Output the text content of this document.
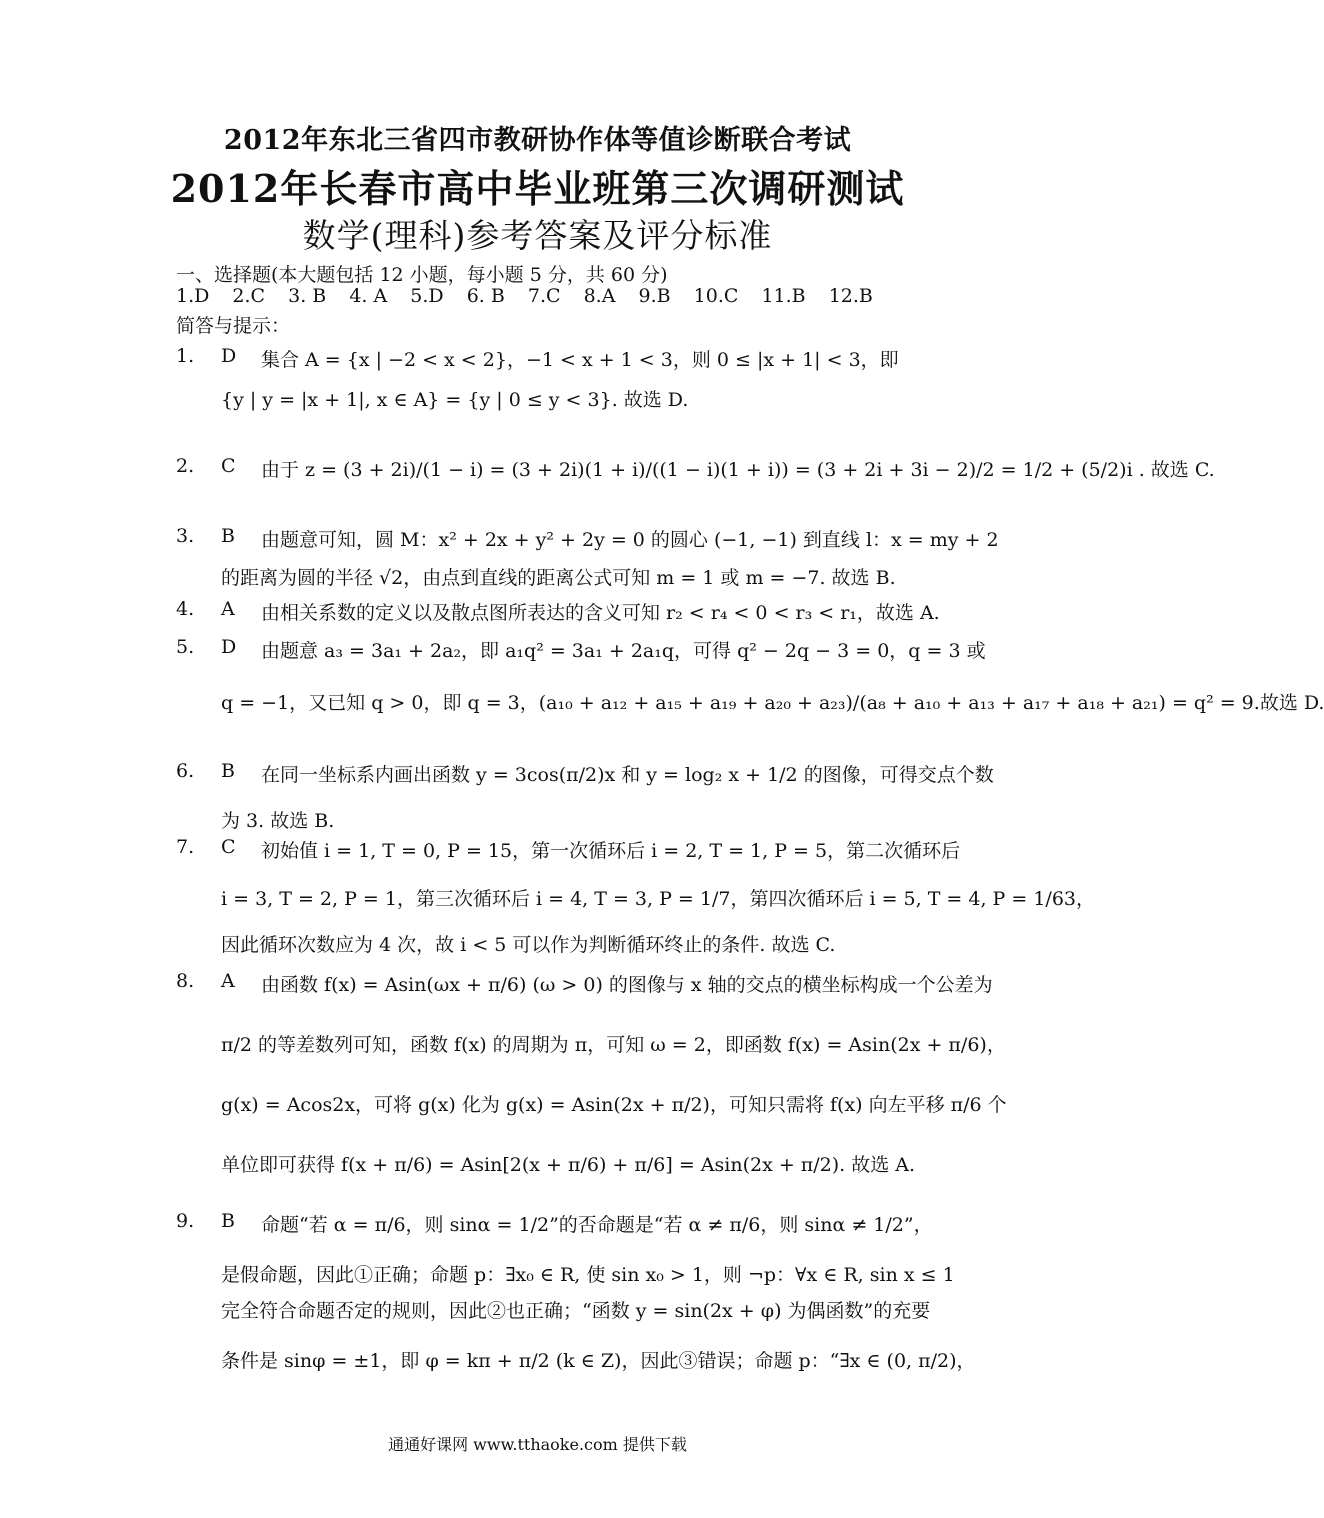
2012年东北三省四市教研协作体等值诊断联合考试
2012年长春市高中毕业班第三次调研测试
数学(理科)参考答案及评分标准
一、选择题(本大题包括 12 小题，每小题 5 分，共 60 分)
1.D 2.C 3. B 4. A 5.D 6. B 7.C 8.A 9.B 10.C 11.B 12.B
简答与提示：
1. D 集合 A = {x | −2 < x < 2}，−1 < x + 1 < 3，则 0 ≤ |x + 1| < 3，即
{y | y = |x + 1|, x ∈ A} = {y | 0 ≤ y < 3}. 故选 D.
2. C 由于 z = (3 + 2i)/(1 − i) = (3 + 2i)(1 + i)/((1 − i)(1 + i)) = (3 + 2i + 3i − 2)/2 = 1/2 + (5/2)i . 故选 C.
3. B 由题意可知，圆 M：x² + 2x + y² + 2y = 0 的圆心 (−1, −1) 到直线 l：x = my + 2
的距离为圆的半径 √2，由点到直线的距离公式可知 m = 1 或 m = −7. 故选 B.
4. A 由相关系数的定义以及散点图所表达的含义可知 r₂ < r₄ < 0 < r₃ < r₁，故选 A.
5. D 由题意 a₃ = 3a₁ + 2a₂，即 a₁q² = 3a₁ + 2a₁q，可得 q² − 2q − 3 = 0，q = 3 或
q = −1，又已知 q > 0，即 q = 3，(a₁₀ + a₁₂ + a₁₅ + a₁₉ + a₂₀ + a₂₃)/(a₈ + a₁₀ + a₁₃ + a₁₇ + a₁₈ + a₂₁) = q² = 9.故选 D.
6. B 在同一坐标系内画出函数 y = 3cos(π/2)x 和 y = log₂ x + 1/2 的图像，可得交点个数
为 3. 故选 B.
7. C 初始值 i = 1, T = 0, P = 15，第一次循环后 i = 2, T = 1, P = 5，第二次循环后
i = 3, T = 2, P = 1，第三次循环后 i = 4, T = 3, P = 1/7，第四次循环后 i = 5, T = 4, P = 1/63，
因此循环次数应为 4 次，故 i < 5 可以作为判断循环终止的条件. 故选 C.
8. A 由函数 f(x) = Asin(ωx + π/6) (ω > 0) 的图像与 x 轴的交点的横坐标构成一个公差为
π/2 的等差数列可知，函数 f(x) 的周期为 π，可知 ω = 2，即函数 f(x) = Asin(2x + π/6)，
g(x) = Acos2x，可将 g(x) 化为 g(x) = Asin(2x + π/2)，可知只需将 f(x) 向左平移 π/6 个
单位即可获得 f(x + π/6) = Asin[2(x + π/6) + π/6] = Asin(2x + π/2). 故选 A.
9. B 命题“若 α = π/6，则 sinα = 1/2”的否命题是“若 α ≠ π/6，则 sinα ≠ 1/2”，
是假命题，因此①正确；命题 p：∃x₀ ∈ R, 使 sin x₀ > 1，则 ¬p：∀x ∈ R, sin x ≤ 1
完全符合命题否定的规则，因此②也正确；“函数 y = sin(2x + φ) 为偶函数”的充要
条件是 sinφ = ±1，即 φ = kπ + π/2 (k ∈ Z)，因此③错误；命题 p：“∃x ∈ (0, π/2)，
通通好课网 www.tthaoke.com 提供下载
